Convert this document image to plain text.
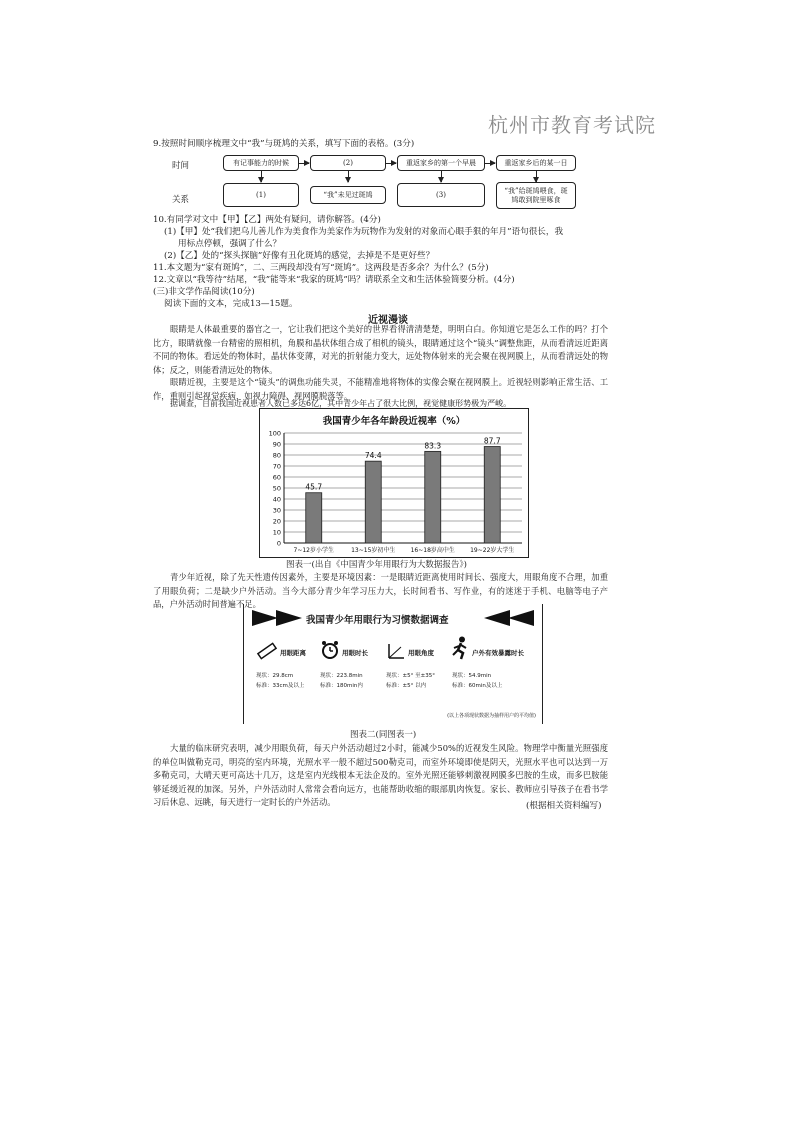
杭州市教育考试院
9.按照时间顺序梳理文中“我”与斑鸠的关系，填写下面的表格。(3分)
时间
关系
有记事能力的时候	(2)	重返家乡的第一个早晨	重返家乡后的某一日
(1)	“我”未见过斑鸠	(3)	“我”给斑鸠喂食，斑鸠敢到院里啄食
10.有同学对文中【甲】【乙】两处有疑问，请你解答。(4分)
(1)【甲】处“我们把乌儿善儿作为美食作为美家作为玩物作为发射的对象而心眼手狠的年月”语句很长，我
用标点停顿，强调了什么？
(2)【乙】处的“探头探脑”好像有丑化斑鸠的感觉，去掉是不是更好些？
11.本文题为“家有斑鸠”，二、三两段却没有写“斑鸠”。这两段是否多余？为什么？(5分)
12.文章以“我等待”结尾，“我”能等来“我家的斑鸠”吗？请联系全文和生活体验简要分析。(4分)
(三)非文学作品阅读(10分)
阅读下面的文本，完成13—15题。
近视漫谈
眼睛是人体最重要的器官之一，它让我们把这个美好的世界看得清清楚楚，明明白白。你知道它是怎么工作的吗？打个比方，眼睛就像一台精密的照相机，角膜和晶状体组合成了相机的镜头，眼睛通过这个“镜头”调整焦距，从而看清远近距离不同的物体。看远处的物体时，晶状体变薄，对光的折射能力变大，远处物体射来的光会聚在视网膜上，从而看清远处的物体；反之，则能看清远处的物体。
眼睛近视，主要是这个“镜头”的调焦功能失灵，不能精准地将物体的实像会聚在视网膜上。近视轻则影响正常生活、工作，重则引起视觉疾病，如视力障碍、视网膜脱落等。
据调查，目前我国近视患者人数已多达6亿，其中青少年占了很大比例，视觉健康形势极为严峻。
我国青少年各年龄段近视率（%）
0
10
20
30
40
50
60
70
80
90
100
45.7
7~12岁小学生
74.4
13~15岁初中生
83.3
16~18岁高中生
87.7
19~22岁大学生
图表一(出自《中国青少年用眼行为大数据报告》)
青少年近视，除了先天性遗传因素外，主要是环境因素：一是眼睛近距离使用时间长、强度大，用眼角度不合理，加重了用眼负荷；二是缺少户外活动。当今大部分青少年学习压力大，长时间看书、写作业，有的迷迷于手机、电脑等电子产品，户外活动时间普遍不足。
我国青少年用眼行为习惯数据调查
用眼距离
现状：29.8cm
标准：33cm及以上
用眼时长
现状：223.8min
标准：180min内
用眼角度
现状：±5° 至±35°
标准：±5° 以内
户外有效暴露时长
现状：54.9min
标准：60min及以上
(以上各项现状数据为抽样用户的平均值)
图表二(同图表一)
大量的临床研究表明，减少用眼负荷，每天户外活动超过2小时，能减少50%的近视发生风险。物理学中衡量光照强度的单位叫做勒克司，明亮的室内环境，光照水平一般不超过500勒克司，而室外环境即使是阴天，光照水平也可以达到一万多勒克司，大晴天更可高达十几万，这是室内光线根本无法企及的。室外光照还能够刺激视网膜多巴胺的生成，而多巴胺能够延缓近视的加深。另外，户外活动时人常常会看向远方，也能帮助收缩的眼部肌肉恢复。家长、教师应引导孩子在看书学习后休息、远眺，每天进行一定时长的户外活动。	(根据相关资料编写)
